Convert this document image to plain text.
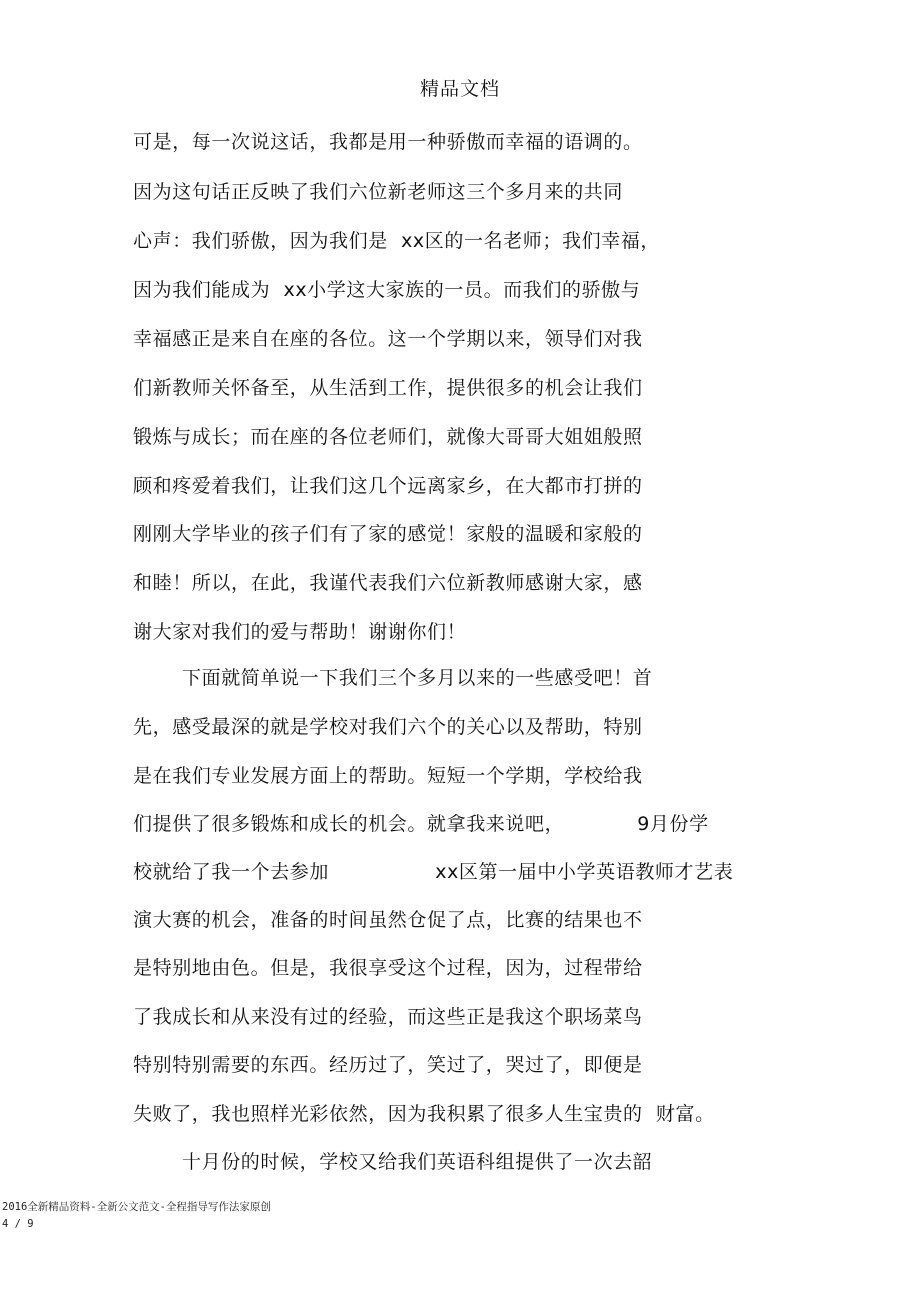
精品文档
可是，每一次说这话，我都是用一种骄傲而幸福的语调的。
因为这句话正反映了我们六位新老师这三个多月来的共同
心声：我们骄傲，因为我们是  xx区的一名老师；我们幸福，
因为我们能成为  xx小学这大家族的一员。而我们的骄傲与
幸福感正是来自在座的各位。这一个学期以来，领导们对我
们新教师关怀备至，从生活到工作，提供很多的机会让我们
锻炼与成长；而在座的各位老师们，就像大哥哥大姐姐般照
顾和疼爱着我们，让我们这几个远离家乡，在大都市打拼的
刚刚大学毕业的孩子们有了家的感觉！家般的温暖和家般的
和睦！所以，在此，我谨代表我们六位新教师感谢大家，感
谢大家对我们的爱与帮助！谢谢你们！
下面就简单说一下我们三个多月以来的一些感受吧！首
先，感受最深的就是学校对我们六个的关心以及帮助，特别
是在我们专业发展方面上的帮助。短短一个学期，学校给我
们提供了很多锻炼和成长的机会。就拿我来说吧，           9月份学
校就给了我一个去参加                xx区第一届中小学英语教师才艺表
演大赛的机会，准备的时间虽然仓促了点，比赛的结果也不
是特别地由色。但是，我很享受这个过程，因为，过程带给
了我成长和从来没有过的经验，而这些正是我这个职场菜鸟
特别特别需要的东西。经历过了，笑过了，哭过了，即便是
失败了，我也照样光彩依然，因为我积累了很多人生宝贵的  财富。
十月份的时候，学校又给我们英语科组提供了一次去韶
2016全新精品资料-全新公文范文-全程指导写作法家原创
4 / 9
